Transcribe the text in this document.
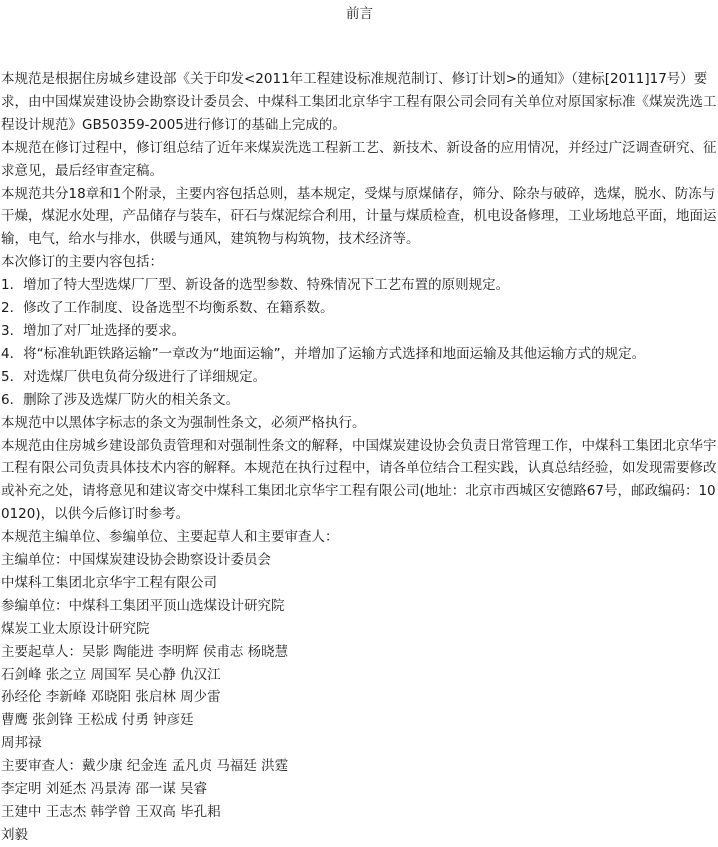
前言

本规范是根据住房城乡建设部《关于印发<2011年工程建设标准规范制订、修订计划>的通知》（建标[2011]17号）要求，由中国煤炭建设协会勘察设计委员会、中煤科工集团北京华宇工程有限公司会同有关单位对原国家标准《煤炭洗选工程设计规范》GB50359-2005进行修订的基础上完成的。

本规范在修订过程中，修订组总结了近年来煤炭洗选工程新工艺、新技术、新设备的应用情况，并经过广泛调查研究、征求意见，最后经审查定稿。

本规范共分18章和1个附录，主要内容包括总则，基本规定，受煤与原煤储存，筛分、除杂与破碎，选煤，脱水、防冻与干燥，煤泥水处理，产品储存与装车，矸石与煤泥综合利用，计量与煤质检查，机电设备修理，工业场地总平面，地面运输，电气，给水与排水，供暖与通风，建筑物与构筑物，技术经济等。

本次修订的主要内容包括：

1．增加了特大型选煤厂厂型、新设备的选型参数、特殊情况下工艺布置的原则规定。

2．修改了工作制度、设备选型不均衡系数、在籍系数。

3．增加了对厂址选择的要求。

4．将“标准轨距铁路运输”一章改为“地面运输”，并增加了运输方式选择和地面运输及其他运输方式的规定。

5．对选煤厂供电负荷分级进行了详细规定。

6．删除了涉及选煤厂防火的相关条文。

本规范中以黑体字标志的条文为强制性条文，必须严格执行。

本规范由住房城乡建设部负责管理和对强制性条文的解释，中国煤炭建设协会负责日常管理工作，中煤科工集团北京华宇工程有限公司负责具体技术内容的解释。本规范在执行过程中，请各单位结合工程实践，认真总结经验，如发现需要修改或补充之处，请将意见和建议寄交中煤科工集团北京华宇工程有限公司(地址：北京市西城区安德路67号，邮政编码：100120)，以供今后修订时参考。

本规范主编单位、参编单位、主要起草人和主要审查人：

主编单位：中国煤炭建设协会勘察设计委员会

中煤科工集团北京华宇工程有限公司

参编单位：中煤科工集团平顶山选煤设计研究院

煤炭工业太原设计研究院

主要起草人：吴影 陶能进 李明辉 侯甫志 杨晓慧

石剑峰 张之立 周国军 吴心静 仇汉江

孙经伦 李新峰 邓晓阳 张启林 周少雷

曹鹰 张剑锋 王松成 付勇 钟彦廷

周邦禄

主要审查人：戴少康 纪金连 孟凡贞 马福廷 洪霆

李定明 刘延杰 冯景涛 邵一谋 吴睿

王建中 王志杰 韩学曾 王双高 毕孔耜

刘毅
